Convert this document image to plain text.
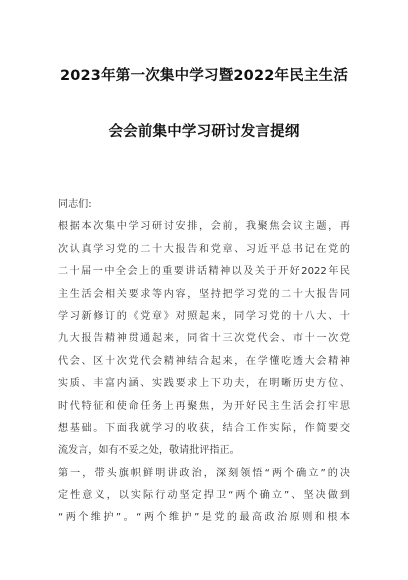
2023年第一次集中学习暨2022年民主生活
会会前集中学习研讨发言提纲
同志们:
根据本次集中学习研讨安排，会前，我聚焦会议主题，再
次认真学习党的二十大报告和党章、习近平总书记在党的
二十届一中全会上的重要讲话精神以及关于开好2022年民
主生活会相关要求等内容，坚持把学习党的二十大报告同
学习新修订的《党章》对照起来，同学习党的十八大、十
九大报告精神贯通起来，同省十三次党代会、市十一次党
代会、区十次党代会精神结合起来，在学懂吃透大会精神
实质、丰富内涵、实践要求上下功夫，在明晰历史方位、
时代特征和使命任务上再聚焦，为开好民主生活会打牢思
想基础。下面我就学习的收获，结合工作实际，作简要交
流发言，如有不妥之处，敬请批评指正。
第一，带头旗帜鲜明讲政治，深刻领悟“两个确立”的决
定性意义，以实际行动坚定捍卫“两个确立”、坚决做到
“两个维护”。“两个维护”是党的最高政治原则和根本
